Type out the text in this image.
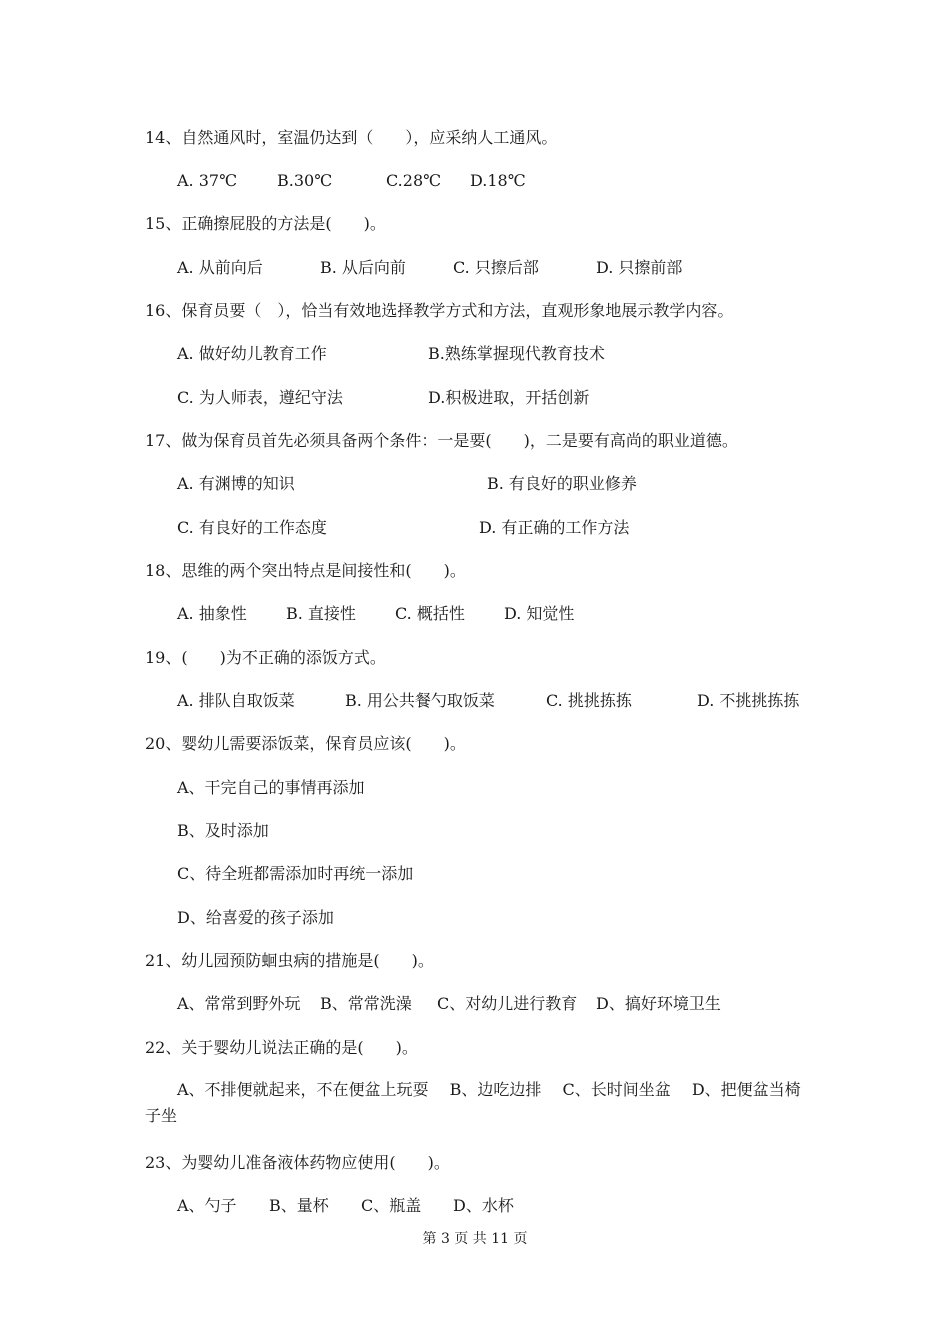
14、自然通风时，室温仍达到（　　），应采纳人工通风。
A. 37℃	B.30℃	C.28℃ D.18℃
15、正确擦屁股的方法是(　　)。
A. 从前向后	B. 从后向前	C. 只擦后部	D. 只擦前部
16、保育员要（　），恰当有效地选择教学方式和方法，直观形象地展示教学内容。
A. 做好幼儿教育工作	B.熟练掌握现代教育技术
C. 为人师表，遵纪守法	D.积极进取，开括创新
17、做为保育员首先必须具备两个条件：一是要(　　)，二是要有高尚的职业道德。
A. 有渊博的知识	B. 有良好的职业修养
C. 有良好的工作态度	D. 有正确的工作方法
18、思维的两个突出特点是间接性和(　　)。
A. 抽象性 B. 直接性 C. 概括性 D. 知觉性
19、(　　)为不正确的添饭方式。
A. 排队自取饭菜	B. 用公共餐勺取饭菜	C. 挑挑拣拣	D. 不挑挑拣拣
20、婴幼儿需要添饭菜，保育员应该(　　)。
A、干完自己的事情再添加
B、及时添加
C、待全班都需添加时再统一添加
D、给喜爱的孩子添加
21、幼儿园预防蛔虫病的措施是(　　)。
A、常常到野外玩 B、常常洗澡 C、对幼儿进行教育 D、搞好环境卫生
22、关于婴幼儿说法正确的是(　　)。
A、不排便就起来，不在便盆上玩耍　 B、边吃边排　 C、长时间坐盆　 D、把便盆当椅子坐
23、为婴幼儿准备液体药物应使用(　　)。
A、勺子 B、量杯 C、瓶盖 D、水杯
第 3 页 共 11 页
